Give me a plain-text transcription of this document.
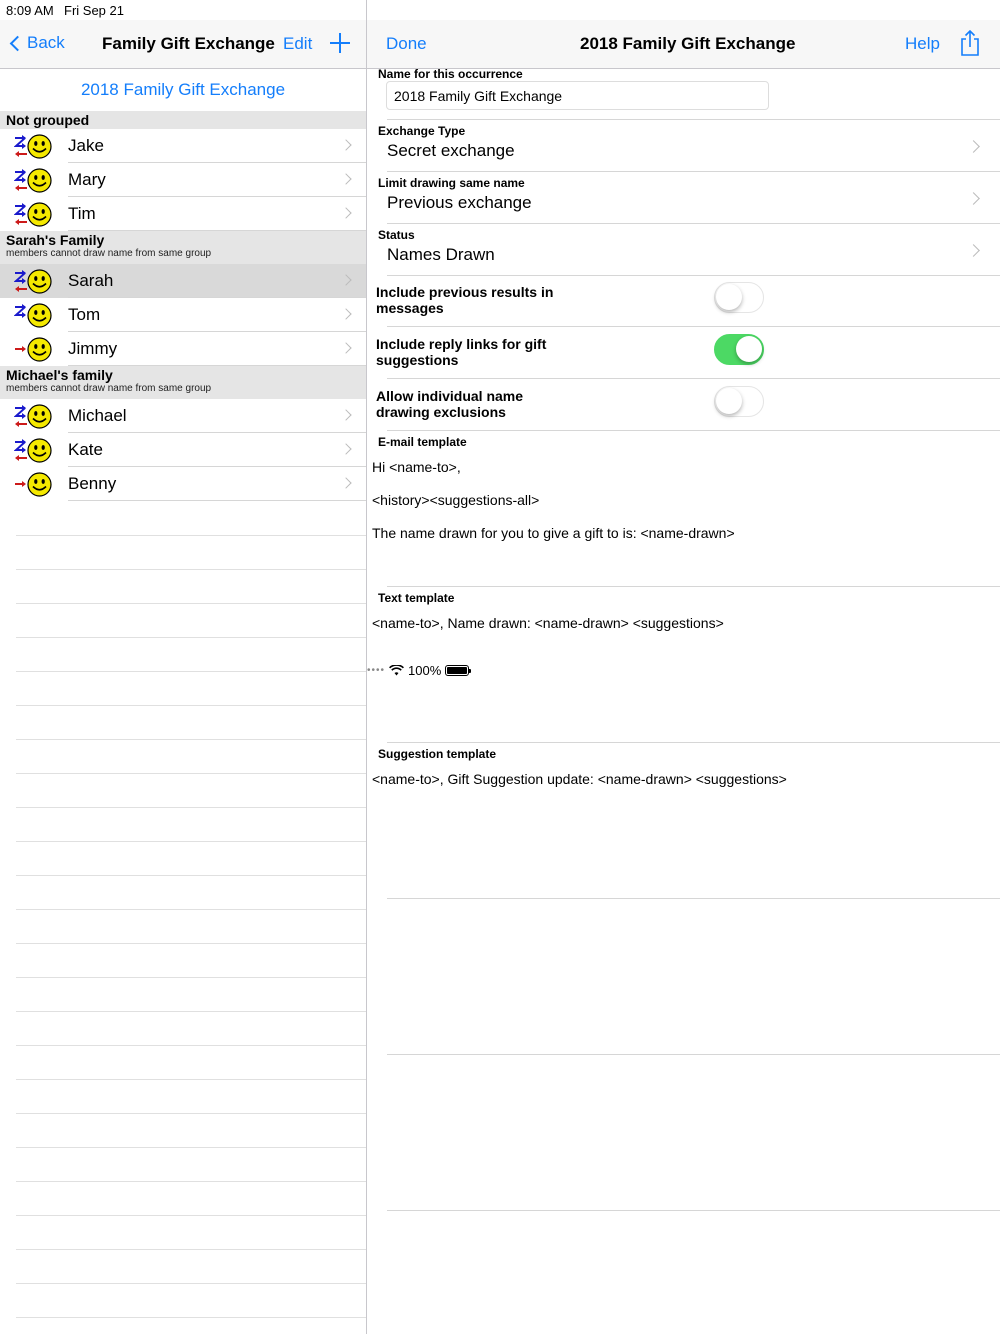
8:09 AM Fri Sep 21
•••• 100%
Back Family Gift Exchange Edit
2018 Family Gift Exchange
Not grouped
Jake
Mary
Tim
Sarah's Family
members cannot draw name from same group
Sarah
Tom
Jimmy
Michael's family
members cannot draw name from same group
Michael
Kate
Benny
Done	2018 Family Gift Exchange	Help
Name for this occurrence
2018 Family Gift Exchange
Exchange Type
Secret exchange
Limit drawing same name
Previous exchange
Status
Names Drawn
Include previous results in messages
Include reply links for gift suggestions
Allow individual name drawing exclusions
E-mail template
Hi <name-to>,
<history><suggestions-all>
The name drawn for you to give a gift to is: <name-drawn>
Text template
<name-to>, Name drawn: <name-drawn> <suggestions>
Suggestion template
<name-to>, Gift Suggestion update: <name-drawn> <suggestions>
